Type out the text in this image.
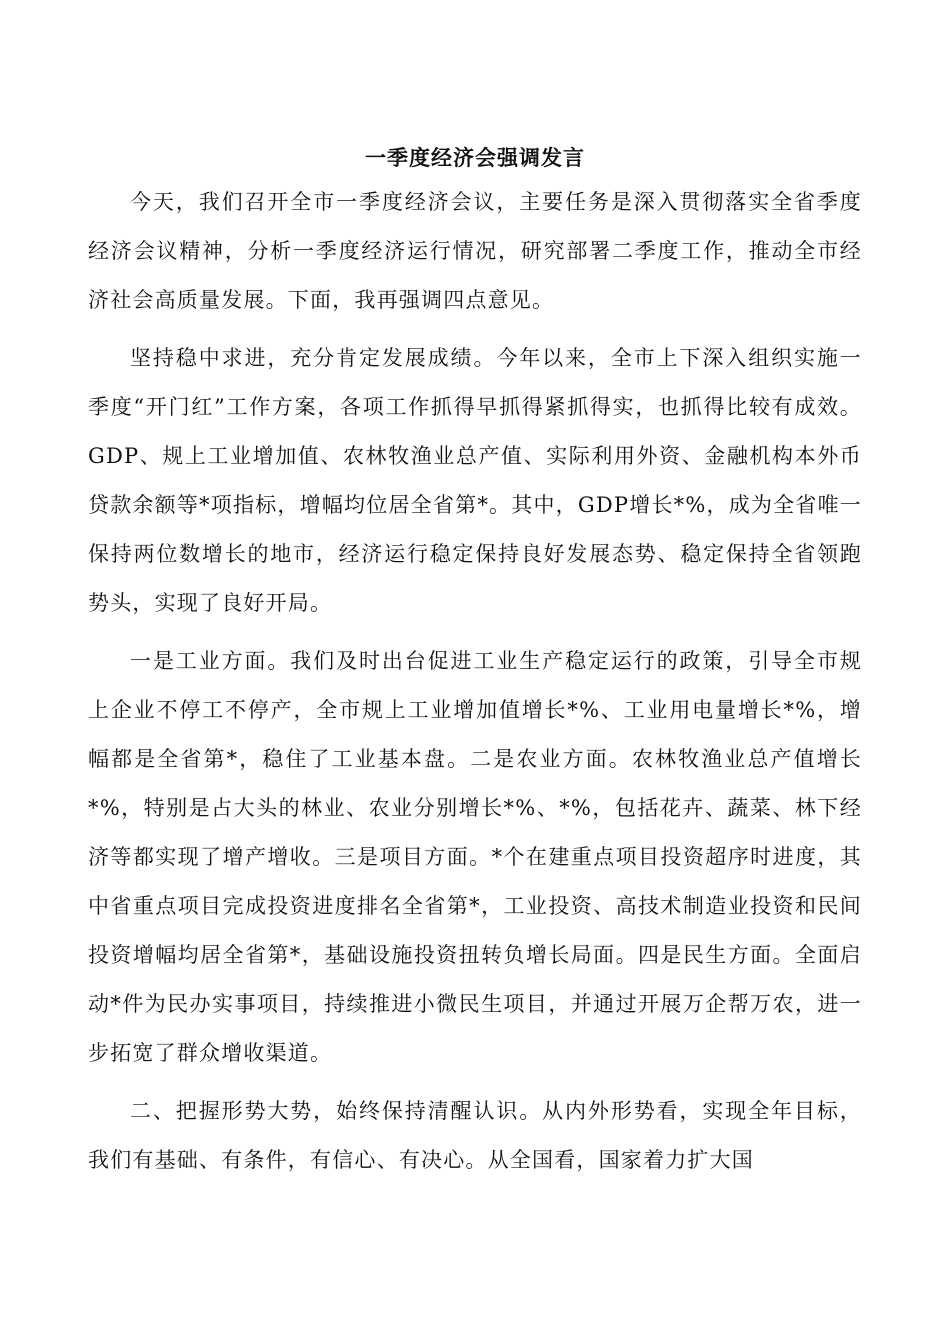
一季度经济会强调发言

今天，我们召开全市一季度经济会议，主要任务是深入贯彻落实全省季度经济会议精神，分析一季度经济运行情况，研究部署二季度工作，推动全市经济社会高质量发展。下面，我再强调四点意见。

坚持稳中求进，充分肯定发展成绩。今年以来，全市上下深入组织实施一季度“开门红”工作方案，各项工作抓得早抓得紧抓得实，也抓得比较有成效。GDP、规上工业增加值、农林牧渔业总产值、实际利用外资、金融机构本外币贷款余额等*项指标，增幅均位居全省第*。其中，GDP增长*%，成为全省唯一保持两位数增长的地市，经济运行稳定保持良好发展态势、稳定保持全省领跑势头，实现了良好开局。

一是工业方面。我们及时出台促进工业生产稳定运行的政策，引导全市规上企业不停工不停产，全市规上工业增加值增长*%、工业用电量增长*%，增幅都是全省第*，稳住了工业基本盘。二是农业方面。农林牧渔业总产值增长*%，特别是占大头的林业、农业分别增长*%、*%，包括花卉、蔬菜、林下经济等都实现了增产增收。三是项目方面。*个在建重点项目投资超序时进度，其中省重点项目完成投资进度排名全省第*，工业投资、高技术制造业投资和民间投资增幅均居全省第*，基础设施投资扭转负增长局面。四是民生方面。全面启动*件为民办实事项目，持续推进小微民生项目，并通过开展万企帮万农，进一步拓宽了群众增收渠道。

二、把握形势大势，始终保持清醒认识。从内外形势看，实现全年目标，我们有基础、有条件，有信心、有决心。从全国看，国家着力扩大国
